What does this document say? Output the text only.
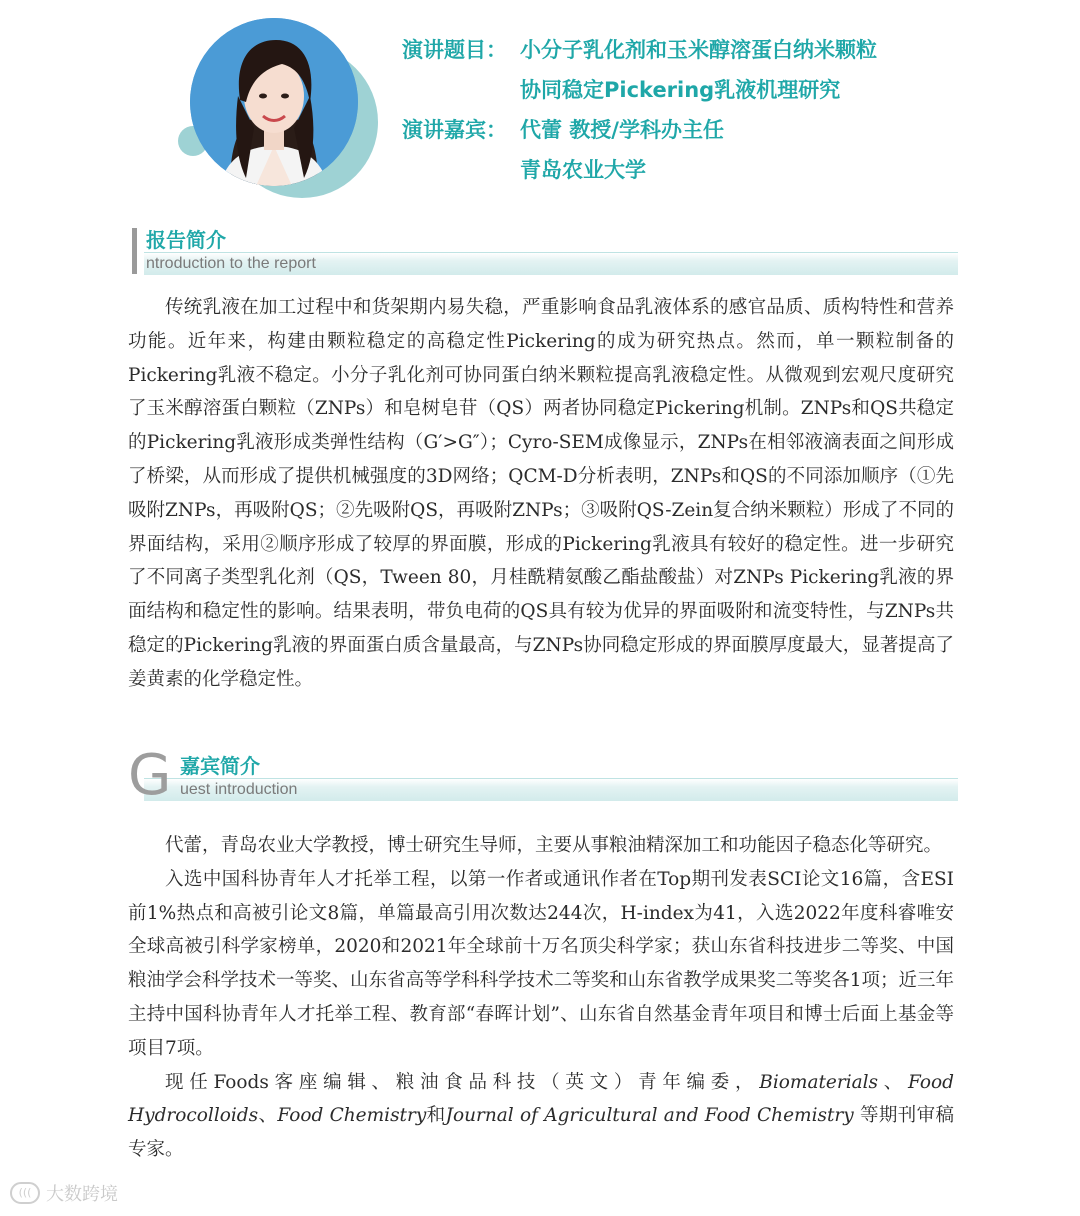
演讲题目： 小分子乳化剂和玉米醇溶蛋白纳米颗粒
协同稳定Pickering乳液机理研究
演讲嘉宾： 代蕾 教授/学科办主任
青岛农业大学
报告简介
ntroduction to the report

传统乳液在加工过程中和货架期内易失稳，严重影响食品乳液体系的感官品质、质构特性和营养功能。近年来，构建由颗粒稳定的高稳定性Pickering的成为研究热点。然而，单一颗粒制备的Pickering乳液不稳定。小分子乳化剂可协同蛋白纳米颗粒提高乳液稳定性。从微观到宏观尺度研究了玉米醇溶蛋白颗粒（ZNPs）和皂树皂苷（QS）两者协同稳定Pickering机制。ZNPs和QS共稳定的Pickering乳液形成类弹性结构（G′>G″）；Cyro-SEM成像显示，ZNPs在相邻液滴表面之间形成了桥梁，从而形成了提供机械强度的3D网络；QCM-D分析表明，ZNPs和QS的不同添加顺序（①先吸附ZNPs，再吸附QS；②先吸附QS，再吸附ZNPs；③吸附QS-Zein复合纳米颗粒）形成了不同的界面结构，采用②顺序形成了较厚的界面膜，形成的Pickering乳液具有较好的稳定性。进一步研究了不同离子类型乳化剂（QS，Tween 80，月桂酰精氨酸乙酯盐酸盐）对ZNPs Pickering乳液的界面结构和稳定性的影响。结果表明，带负电荷的QS具有较为优异的界面吸附和流变特性，与ZNPs共稳定的Pickering乳液的界面蛋白质含量最高，与ZNPs协同稳定形成的界面膜厚度最大，显著提高了姜黄素的化学稳定性。

G 嘉宾简介
uest introduction

代蕾，青岛农业大学教授，博士研究生导师，主要从事粮油精深加工和功能因子稳态化等研究。

入选中国科协青年人才托举工程，以第一作者或通讯作者在Top期刊发表SCI论文16篇，含ESI前1%热点和高被引论文8篇，单篇最高引用次数达244次，H-index为41，入选2022年度科睿唯安全球高被引科学家榜单，2020和2021年全球前十万名顶尖科学家；获山东省科技进步二等奖、中国粮油学会科学技术一等奖、山东省高等学科科学技术二等奖和山东省教学成果奖二等奖各1项；近三年主持中国科协青年人才托举工程、教育部“春晖计划”、山东省自然基金青年项目和博士后面上基金等项目7项。

现任Foods客座编辑、粮油食品科技（英文）青年编委，Biomaterials、Food Hydrocolloids、Food Chemistry和Journal of Agricultural and Food Chemistry 等期刊审稿专家。

((( 大数跨境
